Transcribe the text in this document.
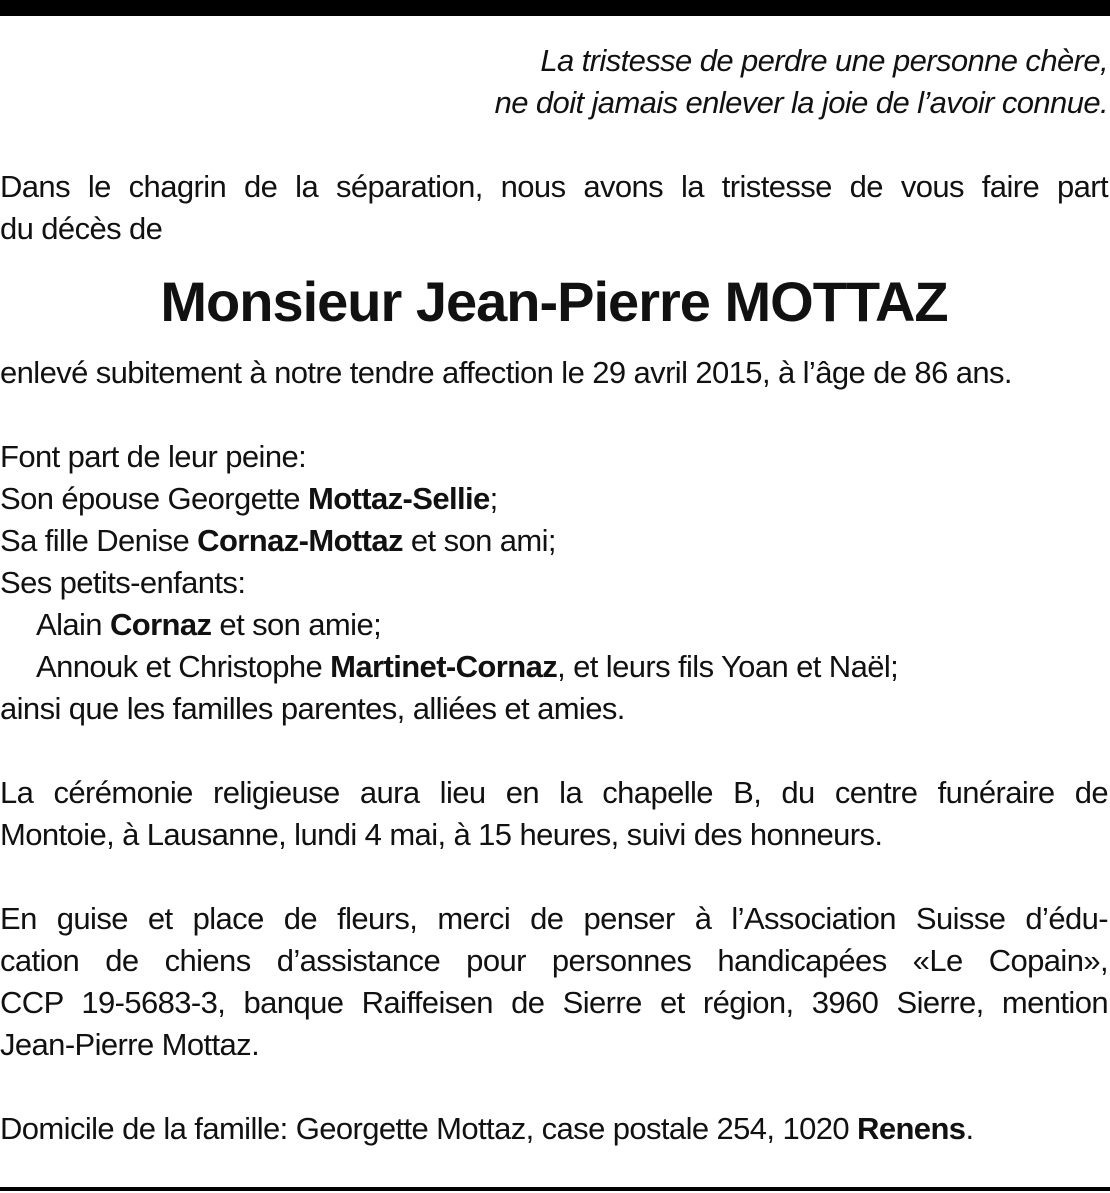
La tristesse de perdre une personne chère,
ne doit jamais enlever la joie de l’avoir connue.
Dans le chagrin de la séparation, nous avons la tristesse de vous faire part
du décès de
Monsieur Jean-Pierre MOTTAZ
enlevé subitement à notre tendre affection le 29 avril 2015, à l’âge de 86 ans.
Font part de leur peine:
Son épouse Georgette Mottaz-Sellie;
Sa fille Denise Cornaz-Mottaz et son ami;
Ses petits-enfants:
Alain Cornaz et son amie;
Annouk et Christophe Martinet-Cornaz, et leurs fils Yoan et Naël;
ainsi que les familles parentes, alliées et amies.
La cérémonie religieuse aura lieu en la chapelle B, du centre funéraire de
Montoie, à Lausanne, lundi 4 mai, à 15 heures, suivi des honneurs.
En guise et place de fleurs, merci de penser à l’Association Suisse d’édu-
cation de chiens d’assistance pour personnes handicapées «Le Copain»,
CCP 19-5683-3, banque Raiffeisen de Sierre et région, 3960 Sierre, mention
Jean-Pierre Mottaz.
Domicile de la famille: Georgette Mottaz, case postale 254, 1020 Renens.
